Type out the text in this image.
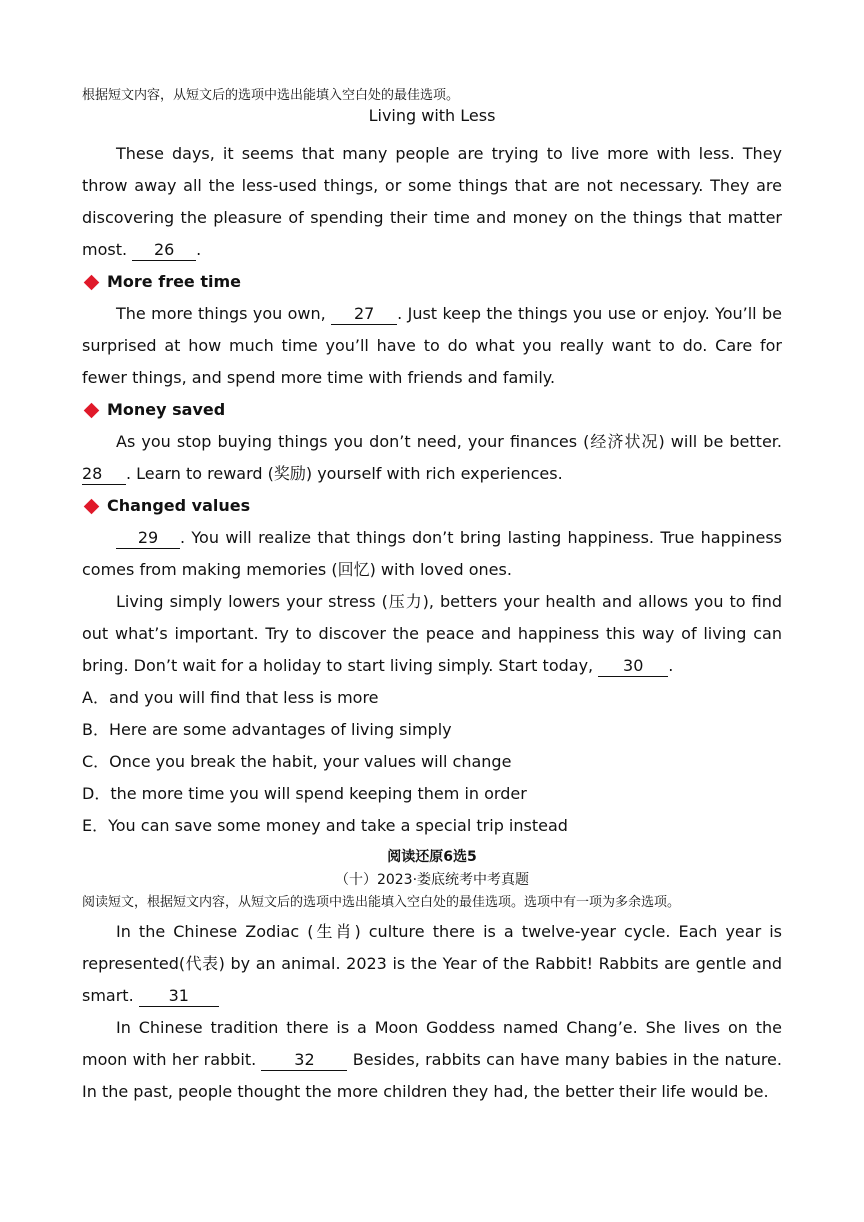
根据短文内容，从短文后的选项中选出能填入空白处的最佳选项。

Living with Less

These days, it seems that many people are trying to live more with less. They throw away all the less-used things, or some things that are not necessary. They are discovering the pleasure of spending their time and money on the things that matter most. 26 .

More free time

The more things you own, 27 . Just keep the things you use or enjoy. You’ll be surprised at how much time you’ll have to do what you really want to do. Care for fewer things, and spend more time with friends and family.

Money saved

As you stop buying things you don’t need, your finances (经济状况) will be better. 28 . Learn to reward (奖励) yourself with rich experiences.

Changed values

29 . You will realize that things don’t bring lasting happiness. True happiness comes from making memories (回忆) with loved ones.

Living simply lowers your stress (压力), betters your health and allows you to find out what’s important. Try to discover the peace and happiness this way of living can bring. Don’t wait for a holiday to start living simply. Start today, 30 .

A．and you will find that less is more

B．Here are some advantages of living simply

C．Once you break the habit, your values will change

D．the more time you will spend keeping them in order

E．You can save some money and take a special trip instead

阅读还原6选5

（十）2023·娄底统考中考真题

阅读短文，根据短文内容，从短文后的选项中选出能填入空白处的最佳选项。选项中有一项为多余选项。

In the Chinese Zodiac (生肖) culture there is a twelve-year cycle. Each year is represented(代表) by an animal. 2023 is the Year of the Rabbit! Rabbits are gentle and smart. 31

In Chinese tradition there is a Moon Goddess named Chang’e. She lives on the moon with her rabbit. 32 Besides, rabbits can have many babies in the nature. In the past, people thought the more children they had, the better their life would be.
